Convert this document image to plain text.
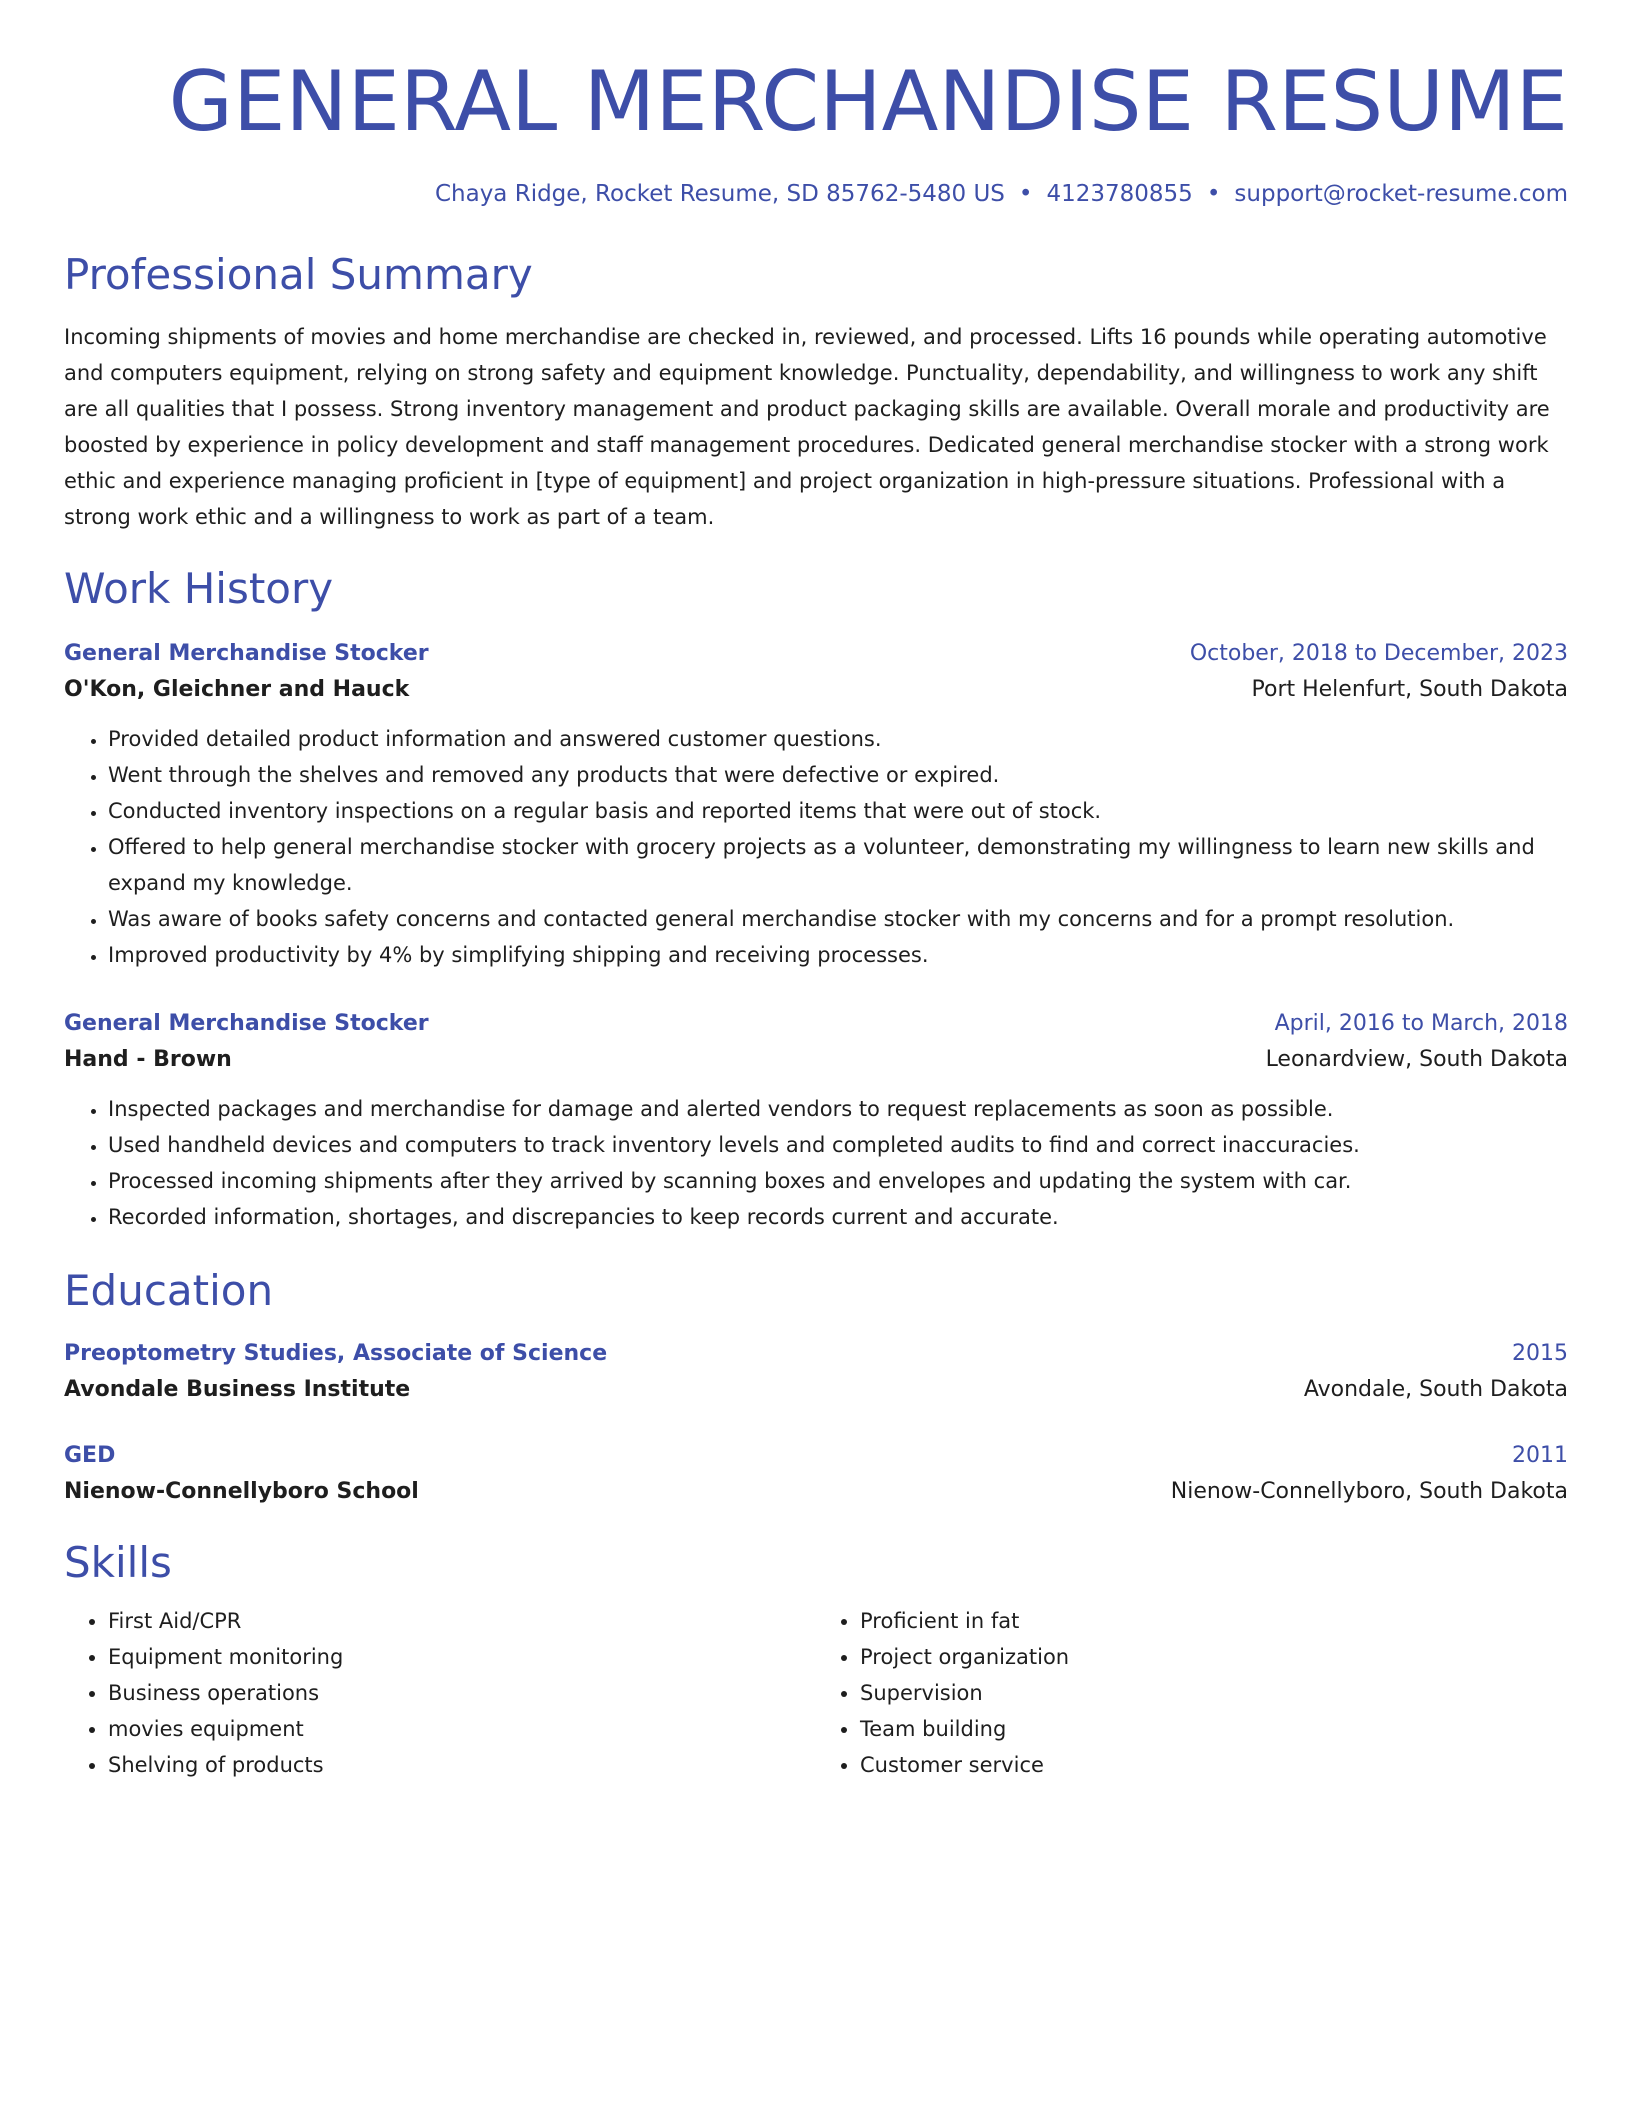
GENERAL MERCHANDISE RESUME
Chaya Ridge, Rocket Resume, SD 85762-5480 US • 4123780855 • support@rocket-resume.com
Professional Summary

Incoming shipments of movies and home merchandise are checked in, reviewed, and processed. Lifts 16 pounds while operating automotive and computers equipment, relying on strong safety and equipment knowledge. Punctuality, dependability, and willingness to work any shift are all qualities that I possess. Strong inventory management and product packaging skills are available. Overall morale and productivity are boosted by experience in policy development and staff management procedures. Dedicated general merchandise stocker with a strong work ethic and experience managing proficient in [type of equipment] and project organization in high-pressure situations. Professional with a strong work ethic and a willingness to work as part of a team.

Work History
General Merchandise Stocker	October, 2018 to December, 2023
O'Kon, Gleichner and Hauck	Port Helenfurt, South Dakota
• Provided detailed product information and answered customer questions.
• Went through the shelves and removed any products that were defective or expired.
• Conducted inventory inspections on a regular basis and reported items that were out of stock.
• Offered to help general merchandise stocker with grocery projects as a volunteer, demonstrating my willingness to learn new skills and expand my knowledge.
• Was aware of books safety concerns and contacted general merchandise stocker with my concerns and for a prompt resolution.
• Improved productivity by 4% by simplifying shipping and receiving processes.
General Merchandise Stocker	April, 2016 to March, 2018
Hand - Brown	Leonardview, South Dakota
• Inspected packages and merchandise for damage and alerted vendors to request replacements as soon as possible.
• Used handheld devices and computers to track inventory levels and completed audits to find and correct inaccuracies.
• Processed incoming shipments after they arrived by scanning boxes and envelopes and updating the system with car.
• Recorded information, shortages, and discrepancies to keep records current and accurate.
Education
Preoptometry Studies, Associate of Science	2015
Avondale Business Institute	Avondale, South Dakota
GED	2011
Nienow-Connellyboro School	Nienow-Connellyboro, South Dakota
Skills
• First Aid/CPR
• Equipment monitoring
• Business operations
• movies equipment
• Shelving of products
• Proficient in fat
• Project organization
• Supervision
• Team building
• Customer service
